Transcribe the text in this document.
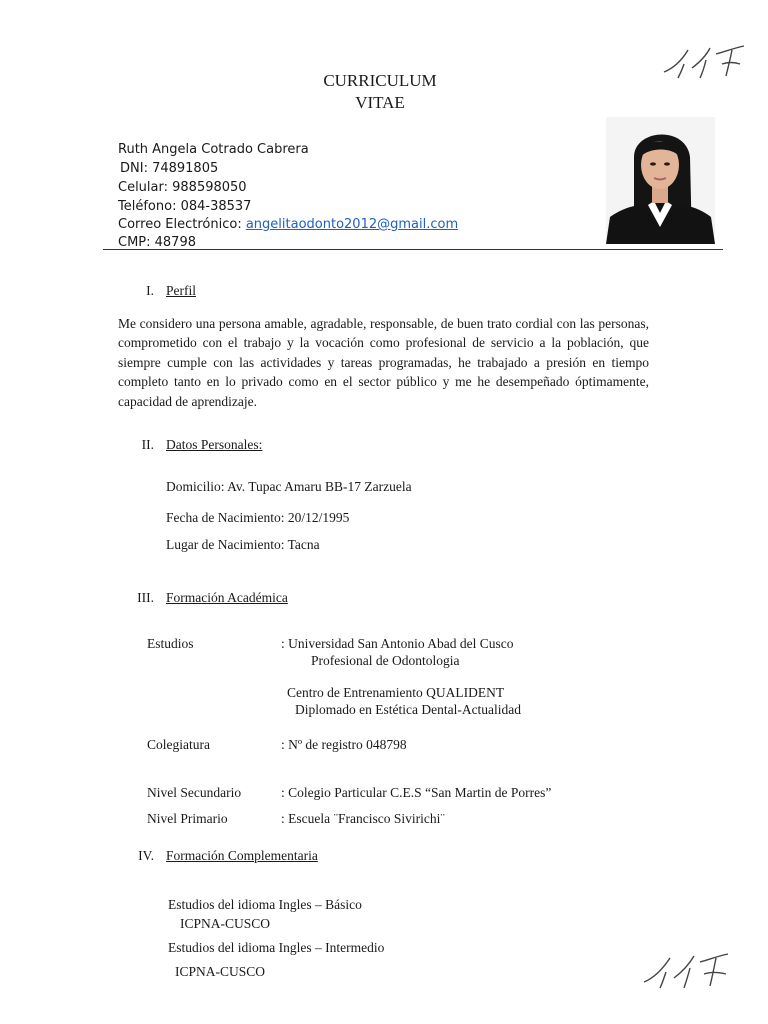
CURRICULUM
VITAE
Ruth Angela Cotrado Cabrera
DNI: 74891805
Celular: 988598050
Teléfono: 084-38537
Correo Electrónico: angelitaodonto2012@gmail.com
CMP: 48798
I. Perfil
Me considero una persona amable, agradable, responsable, de buen trato cordial con las personas, comprometido con el trabajo y la vocación como profesional de servicio a la población, que siempre cumple con las actividades y tareas programadas, he trabajado a presión en tiempo completo tanto en lo privado como en el sector público y me he desempeñado óptimamente, capacidad de aprendizaje.
II. Datos Personales:
Domicilio: Av. Tupac Amaru BB-17 Zarzuela
Fecha de Nacimiento: 20/12/1995
Lugar de Nacimiento: Tacna
III. Formación Académica
Estudios	: Universidad San Antonio Abad del Cusco
Profesional de Odontologia
Centro de Entrenamiento QUALIDENT
Diplomado en Estética Dental-Actualidad
Colegiatura	: Nº de registro 048798
Nivel Secundario	: Colegio Particular C.E.S “San Martin de Porres”
Nivel Primario	: Escuela ¨Francisco Sivirichi¨
IV. Formación Complementaria
Estudios del idioma Ingles – Básico
ICPNA-CUSCO
Estudios del idioma Ingles – Intermedio
ICPNA-CUSCO
